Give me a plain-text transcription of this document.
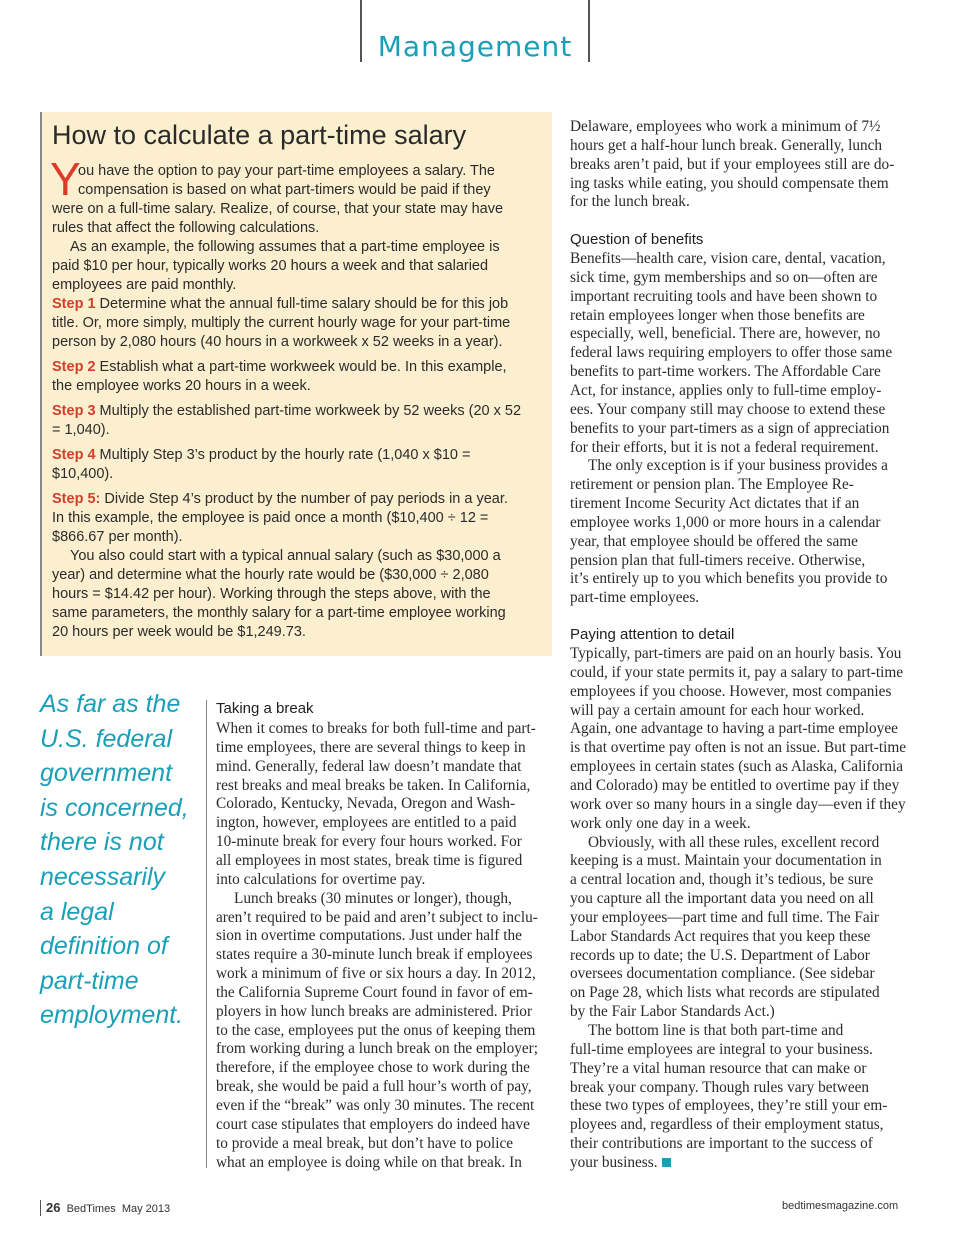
Management
How to calculate a part-time salary
Y
ou have the option to pay your part-time employees a salary. The
compensation is based on what part-timers would be paid if they
were on a full-time salary. Realize, of course, that your state may have
rules that affect the following calculations.
As an example, the following assumes that a part-time employee is
paid $10 per hour, typically works 20 hours a week and that salaried
employees are paid monthly.
Step 1 Determine what the annual full-time salary should be for this job
title. Or, more simply, multiply the current hourly wage for your part-time
person by 2,080 hours (40 hours in a workweek x 52 weeks in a year).
Step 2 Establish what a part-time workweek would be. In this example,
the employee works 20 hours in a week.
Step 3 Multiply the established part-time workweek by 52 weeks (20 x 52
= 1,040).
Step 4 Multiply Step 3’s product by the hourly rate (1,040 x $10 =
$10,400).
Step 5: Divide Step 4’s product by the number of pay periods in a year.
In this example, the employee is paid once a month ($10,400 ÷ 12 =
$866.67 per month).
You also could start with a typical annual salary (such as $30,000 a
year) and determine what the hourly rate would be ($30,000 ÷ 2,080
hours = $14.42 per hour). Working through the steps above, with the
same parameters, the monthly salary for a part-time employee working
20 hours per week would be $1,249.73.
As far as the
U.S. federal
government
is concerned,
there is not
necessarily
a legal
definition of
part-time
employment.
Taking a break
When it comes to breaks for both full-time and part-
time employees, there are several things to keep in
mind. Generally, federal law doesn’t mandate that
rest breaks and meal breaks be taken. In California,
Colorado, Kentucky, Nevada, Oregon and Wash-
ington, however, employees are entitled to a paid
10-minute break for every four hours worked. For
all employees in most states, break time is figured
into calculations for overtime pay.
Lunch breaks (30 minutes or longer), though,
aren’t required to be paid and aren’t subject to inclu-
sion in overtime computations. Just under half the
states require a 30-minute lunch break if employees
work a minimum of five or six hours a day. In 2012,
the California Supreme Court found in favor of em-
ployers in how lunch breaks are administered. Prior
to the case, employees put the onus of keeping them
from working during a lunch break on the employer;
therefore, if the employee chose to work during the
break, she would be paid a full hour’s worth of pay,
even if the “break” was only 30 minutes. The recent
court case stipulates that employers do indeed have
to provide a meal break, but don’t have to police
what an employee is doing while on that break. In
Delaware, employees who work a minimum of 7½
hours get a half-hour lunch break. Generally, lunch
breaks aren’t paid, but if your employees still are do-
ing tasks while eating, you should compensate them
for the lunch break.
Benefits—health care, vision care, dental, vacation,
sick time, gym memberships and so on—often are
important recruiting tools and have been shown to
retain employees longer when those benefits are
especially, well, beneficial. There are, however, no
federal laws requiring employers to offer those same
benefits to part-time workers. The Affordable Care
Act, for instance, applies only to full-time employ-
ees. Your company still may choose to extend these
benefits to your part-timers as a sign of appreciation
for their efforts, but it is not a federal requirement.
The only exception is if your business provides a
retirement or pension plan. The Employee Re-
tirement Income Security Act dictates that if an
employee works 1,000 or more hours in a calendar
year, that employee should be offered the same
pension plan that full-timers receive. Otherwise,
it’s entirely up to you which benefits you provide to
part-time employees.
Typically, part-timers are paid on an hourly basis. You
could, if your state permits it, pay a salary to part-time
employees if you choose. However, most companies
will pay a certain amount for each hour worked.
Again, one advantage to having a part-time employee
is that overtime pay often is not an issue. But part-time
employees in certain states (such as Alaska, California
and Colorado) may be entitled to overtime pay if they
work over so many hours in a single day—even if they
work only one day in a week.
Obviously, with all these rules, excellent record
keeping is a must. Maintain your documentation in
a central location and, though it’s tedious, be sure
you capture all the important data you need on all
your employees—part time and full time. The Fair
Labor Standards Act requires that you keep these
records up to date; the U.S. Department of Labor
oversees documentation compliance. (See sidebar
on Page 28, which lists what records are stipulated
by the Fair Labor Standards Act.)
The bottom line is that both part-time and
full-time employees are integral to your business.
They’re a vital human resource that can make or
break your company. Though rules vary between
these two types of employees, they’re still your em-
ployees and, regardless of their employment status,
their contributions are important to the success of
your business.
Question of benefits
Paying attention to detail
26 BedTimes May 2013	bedtimesmagazine.com
